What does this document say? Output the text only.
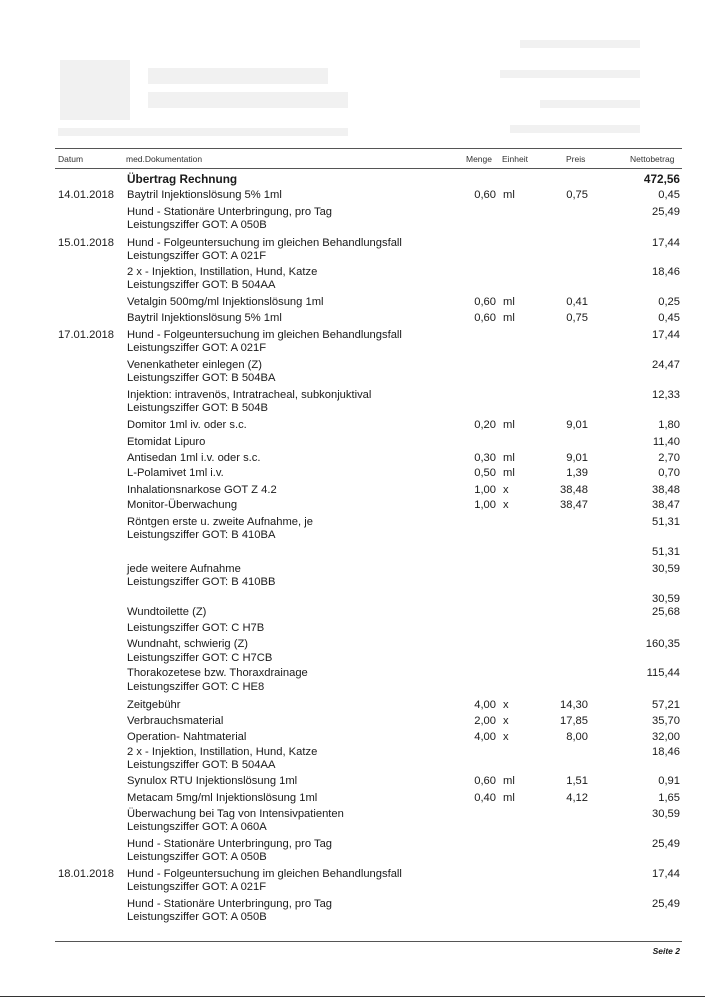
Datum	med.Dokumentation	Menge Einheit	Preis	Nettobetrag
Übertrag Rechnung	472,56
14.01.2018	Baytril Injektionslösung 5% 1ml	0,60 ml	0,75	0,45
Hund - Stationäre Unterbringung, pro Tag	25,49
Leistungsziffer GOT: A 050B
15.01.2018	Hund - Folgeuntersuchung im gleichen Behandlungsfall	17,44
Leistungsziffer GOT: A 021F
2 x - Injektion, Instillation, Hund, Katze	18,46
Leistungsziffer GOT: B 504AA
Vetalgin 500mg/ml Injektionslösung 1ml	0,60 ml	0,41	0,25
Baytril Injektionslösung 5% 1ml	0,60 ml	0,75	0,45
17.01.2018	Hund - Folgeuntersuchung im gleichen Behandlungsfall	17,44
Leistungsziffer GOT: A 021F
Venenkatheter einlegen (Z)	24,47
Leistungsziffer GOT: B 504BA
Injektion: intravenös, Intratracheal, subkonjuktival	12,33
Leistungsziffer GOT: B 504B
Domitor 1ml iv. oder s.c.	0,20 ml	9,01	1,80
Etomidat Lipuro	11,40
Antisedan 1ml i.v. oder s.c.	0,30 ml	9,01	2,70
L-Polamivet 1ml i.v.	0,50 ml	1,39	0,70
Inhalationsnarkose GOT Z 4.2	1,00 x	38,48	38,48
Monitor-Überwachung	1,00 x	38,47	38,47
Röntgen erste u. zweite Aufnahme, je	51,31
Leistungsziffer GOT: B 410BA
51,31
jede weitere Aufnahme	30,59
Leistungsziffer GOT: B 410BB
30,59
Wundtoilette (Z)	25,68
Leistungsziffer GOT: C H7B
Wundnaht, schwierig (Z)	160,35
Leistungsziffer GOT: C H7CB
Thorakozetese bzw. Thoraxdrainage	115,44
Leistungsziffer GOT: C HE8
Zeitgebühr	4,00 x	14,30	57,21
Verbrauchsmaterial	2,00 x	17,85	35,70
Operation- Nahtmaterial	4,00 x	8,00	32,00
2 x - Injektion, Instillation, Hund, Katze	18,46
Leistungsziffer GOT: B 504AA
Synulox RTU Injektionslösung 1ml	0,60 ml	1,51	0,91
Metacam 5mg/ml Injektionslösung 1ml	0,40 ml	4,12	1,65
Überwachung bei Tag von Intensivpatienten	30,59
Leistungsziffer GOT: A 060A
Hund - Stationäre Unterbringung, pro Tag	25,49
Leistungsziffer GOT: A 050B
18.01.2018	Hund - Folgeuntersuchung im gleichen Behandlungsfall	17,44
Leistungsziffer GOT: A 021F
Hund - Stationäre Unterbringung, pro Tag	25,49
Leistungsziffer GOT: A 050B
Seite 2
